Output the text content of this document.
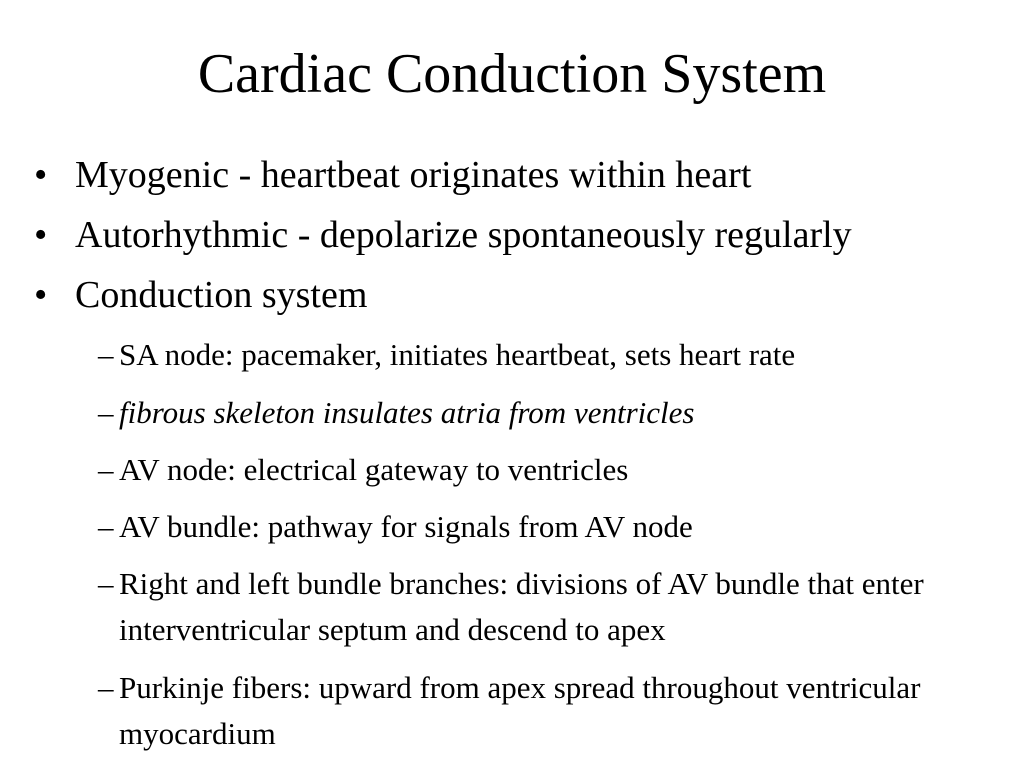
Cardiac Conduction System
• Myogenic - heartbeat originates within heart
• Autorhythmic - depolarize spontaneously regularly
• Conduction system
– SA node: pacemaker, initiates heartbeat, sets heart rate
– fibrous skeleton insulates atria from ventricles
– AV node: electrical gateway to ventricles
– AV bundle: pathway for signals from AV node
– Right and left bundle branches: divisions of AV bundle that enter interventricular septum and descend to apex
– Purkinje fibers: upward from apex spread throughout ventricular myocardium
